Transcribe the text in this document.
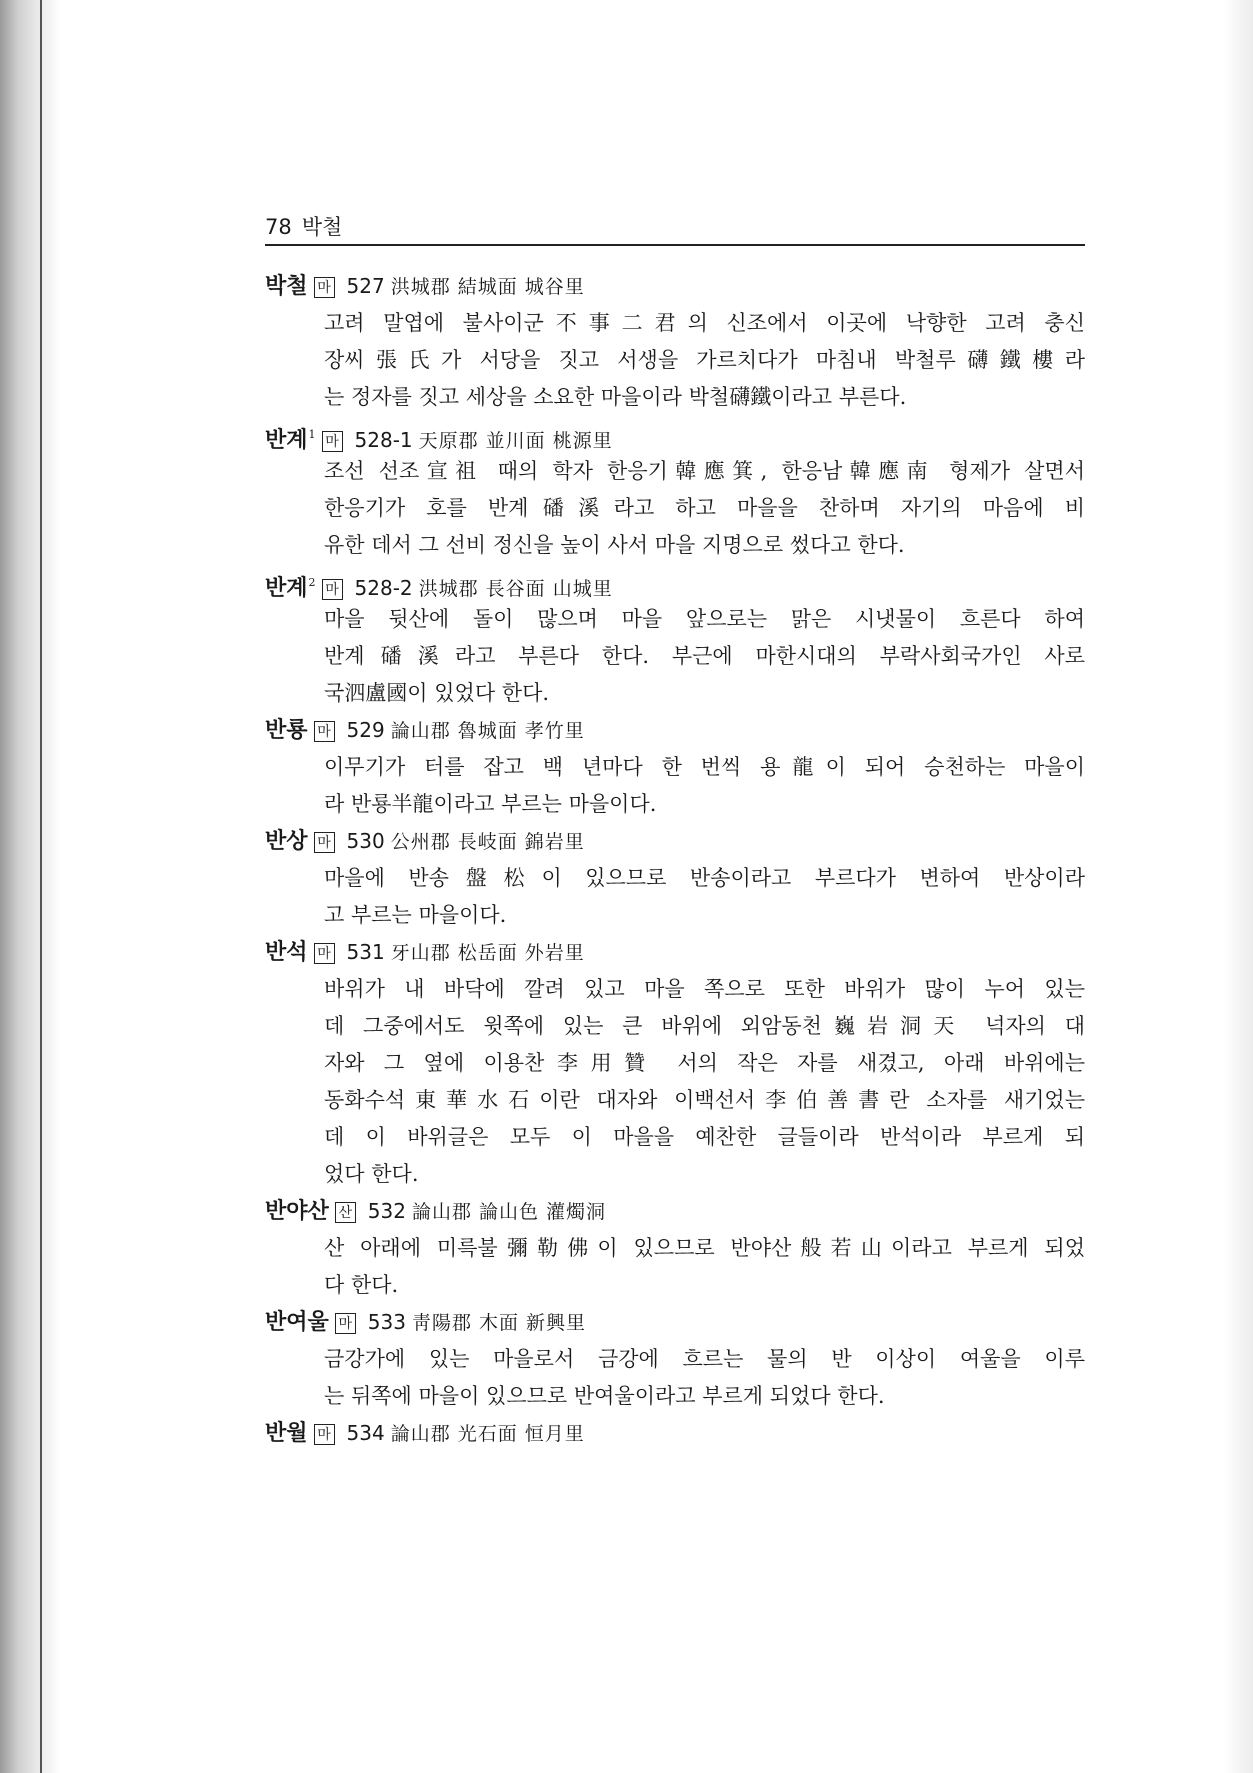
78 박철
박철 마 527 洪城郡 結城面 城谷里
고려 말엽에 불사이군不事二君의 신조에서 이곳에 낙향한 고려 충신
장씨張氏가 서당을 짓고 서생을 가르치다가 마침내 박철루礴鐵樓라
는 정자를 짓고 세상을 소요한 마을이라 박철礴鐵이라고 부른다.
반계$^1$ 마 528-1 天原郡 並川面 桃源里
조선 선조宣祖 때의 학자 한응기韓應箕, 한응남韓應南 형제가 살면서
한응기가 호를 반계磻溪라고 하고 마을을 찬하며 자기의 마음에 비
유한 데서 그 선비 정신을 높이 사서 마을 지명으로 썼다고 한다.
반계$^2$ 마 528-2 洪城郡 長谷面 山城里
마을 뒷산에 돌이 많으며 마을 앞으로는 맑은 시냇물이 흐른다 하여
반계磻溪라고 부른다 한다. 부근에 마한시대의 부락사회국가인 사로
국泗盧國이 있었다 한다.
반룡 마 529 論山郡 魯城面 孝竹里
이무기가 터를 잡고 백 년마다 한 번씩 용龍이 되어 승천하는 마을이
라 반룡半龍이라고 부르는 마을이다.
반상 마 530 公州郡 長岐面 錦岩里
마을에 반송盤松이 있으므로 반송이라고 부르다가 변하여 반상이라
고 부르는 마을이다.
반석 마 531 牙山郡 松岳面 外岩里
바위가 내 바닥에 깔려 있고 마을 쪽으로 또한 바위가 많이 누어 있는
데 그중에서도 윗쪽에 있는 큰 바위에 외암동천巍岩洞天 넉자의 대
자와 그 옆에 이용찬李用贊 서의 작은 자를 새겼고, 아래 바위에는
동화수석東華水石이란 대자와 이백선서李伯善書란 소자를 새기었는
데 이 바위글은 모두 이 마을을 예찬한 글들이라 반석이라 부르게 되
었다 한다.
반야산 산 532 論山郡 論山色 灌燭洞
산 아래에 미륵불彌勒佛이 있으므로 반야산般若山이라고 부르게 되었
다 한다.
반여울 마 533 靑陽郡 木面 新興里
금강가에 있는 마을로서 금강에 흐르는 물의 반 이상이 여울을 이루
는 뒤쪽에 마을이 있으므로 반여울이라고 부르게 되었다 한다.
반월 마 534 論山郡 光石面 恒月里
